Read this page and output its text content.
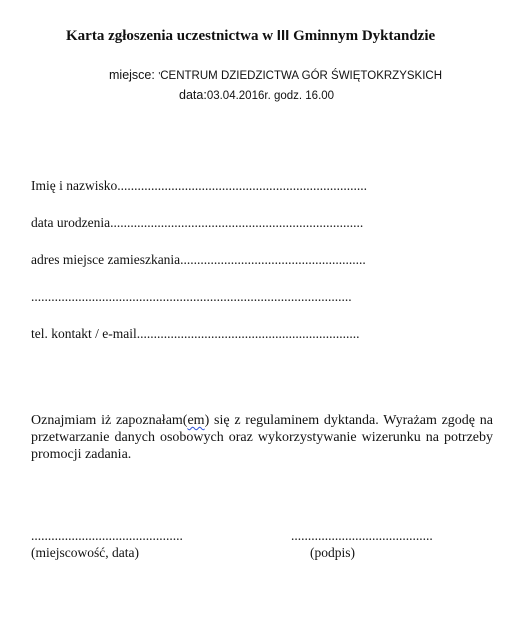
Karta zgłoszenia uczestnictwa w III Gminnym Dyktandzie
miejsce: 'CENTRUM DZIEDZICTWA GÓR ŚWIĘTOKRZYSKICH
data:03.04.2016r. godz. 16.00
Imię i nazwisko..........................................................................
data urodzenia...........................................................................
adres miejsce zamieszkania.......................................................
...............................................................................................
tel. kontakt / e-mail..................................................................
Oznajmiam iż zapoznałam(em) się z regulaminem dyktanda. Wyrażam zgodę na przetwarzanie danych osobowych oraz wykorzystywanie wizerunku na potrzeby promocji zadania.
.............................................
(miejscowość, data)
..........................................
(podpis)
